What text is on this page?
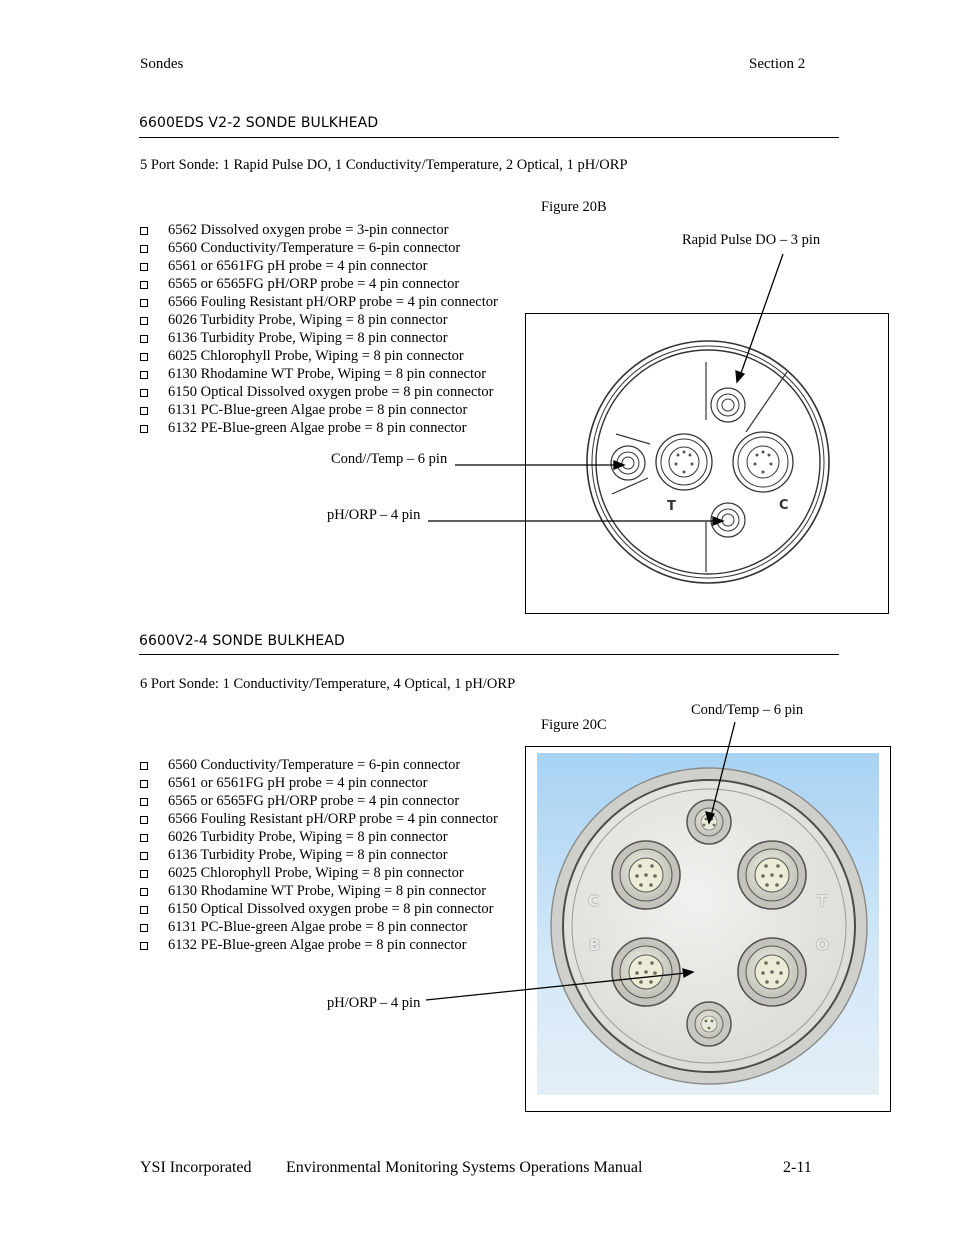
Sondes	Section 2
6600EDS V2-2 SONDE BULKHEAD
5 Port Sonde: 1 Rapid Pulse DO, 1 Conductivity/Temperature, 2 Optical, 1 pH/ORP
Figure 20B
6562 Dissolved oxygen probe = 3-pin connector
6560 Conductivity/Temperature = 6-pin connector
6561 or 6561FG pH probe = 4 pin connector
6565 or 6565FG pH/ORP probe = 4 pin connector
6566 Fouling Resistant pH/ORP probe = 4 pin connector
6026 Turbidity Probe, Wiping = 8 pin connector
6136 Turbidity Probe, Wiping = 8 pin connector
6025 Chlorophyll Probe, Wiping = 8 pin connector
6130 Rhodamine WT Probe, Wiping = 8 pin connector
6150 Optical Dissolved oxygen probe = 8 pin connector
6131 PC-Blue-green Algae probe = 8 pin connector
6132 PE-Blue-green Algae probe = 8 pin connector
T	C
Rapid Pulse DO – 3 pin
Cond//Temp – 6 pin
pH/ORP – 4 pin
6600V2-4 SONDE BULKHEAD
6 Port Sonde: 1 Conductivity/Temperature, 4 Optical, 1 pH/ORP
Figure 20C
Cond/Temp – 6 pin
6560 Conductivity/Temperature = 6-pin connector
6561 or 6561FG pH probe = 4 pin connector
6565 or 6565FG pH/ORP probe = 4 pin connector
6566 Fouling Resistant pH/ORP probe = 4 pin connector
6026 Turbidity Probe, Wiping = 8 pin connector
6136 Turbidity Probe, Wiping = 8 pin connector
6025 Chlorophyll Probe, Wiping = 8 pin connector
6130 Rhodamine WT Probe, Wiping = 8 pin connector
6150 Optical Dissolved oxygen probe = 8 pin connector
6131 PC-Blue-green Algae probe = 8 pin connector
6132 PE-Blue-green Algae probe = 8 pin connector
C	T
B	O
pH/ORP – 4 pin
YSI Incorporated Environmental Monitoring Systems Operations Manual	2-11
